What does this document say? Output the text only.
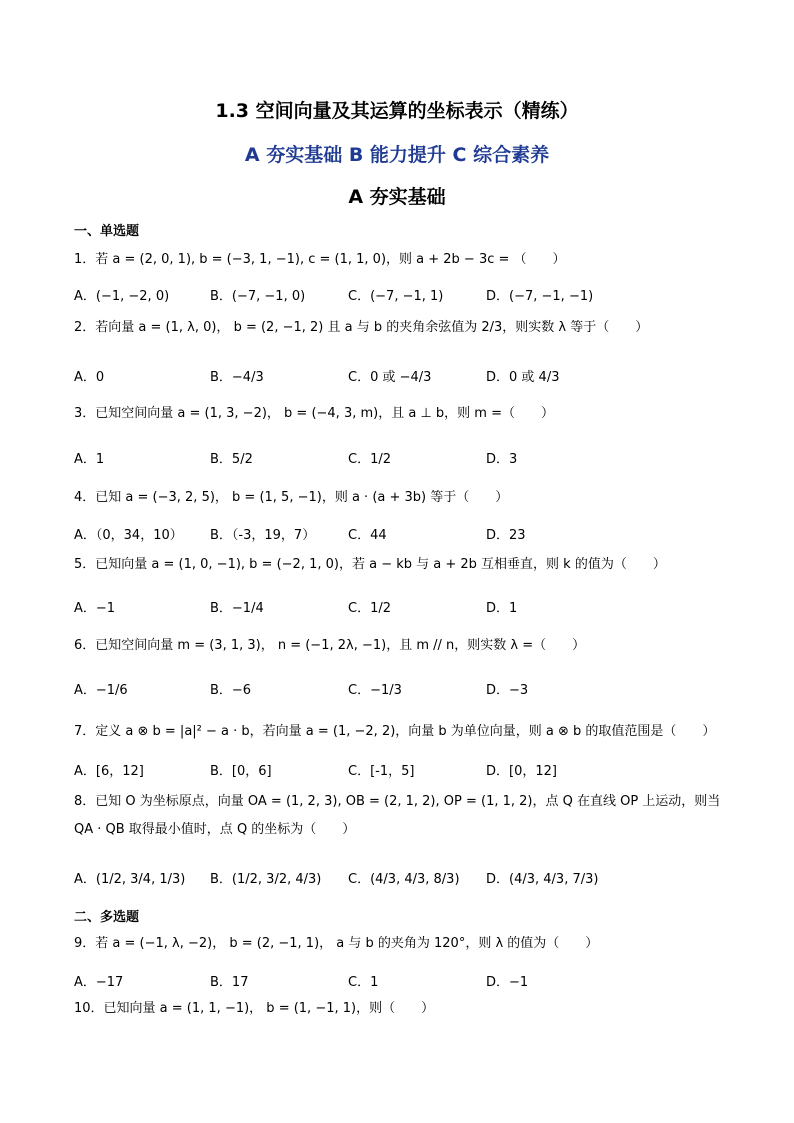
1.3 空间向量及其运算的坐标表示（精练）
A 夯实基础 B 能力提升 C 综合素养
A 夯实基础
一、单选题
1．若 a = (2, 0, 1), b = (−3, 1, −1), c = (1, 1, 0)，则 a + 2b − 3c = （　　）
A．(−1, −2, 0)	B．(−7, −1, 0)	C．(−7, −1, 1)	D．(−7, −1, −1)
2．若向量 a = (1, λ, 0)， b = (2, −1, 2) 且 a 与 b 的夹角余弦值为 2/3，则实数 λ 等于（　　）
A．0	B．−4/3	C．0 或 −4/3	D．0 或 4/3
3．已知空间向量 a = (1, 3, −2)， b = (−4, 3, m)，且 a ⊥ b，则 m =（　　）
A．1	B．5/2	C．1/2	D．3
4．已知 a = (−3, 2, 5)， b = (1, 5, −1)，则 a · (a + 3b) 等于（　　）
A．（0，34，10） B．（-3，19，7）	C．44	D．23
5．已知向量 a = (1, 0, −1), b = (−2, 1, 0)，若 a − kb 与 a + 2b 互相垂直，则 k 的值为（　　）
A．−1	B．−1/4	C．1/2	D．1
6．已知空间向量 m = (3, 1, 3)， n = (−1, 2λ, −1)，且 m // n，则实数 λ =（　　）
A．−1/6	B．−6	C．−1/3	D．−3
7．定义 a ⊗ b = |a|² − a · b，若向量 a = (1, −2, 2)，向量 b 为单位向量，则 a ⊗ b 的取值范围是（　　）
A．[6，12]	B．[0，6]	C．[-1，5]	D．[0，12]
8．已知 O 为坐标原点，向量 OA = (1, 2, 3), OB = (2, 1, 2), OP = (1, 1, 2)，点 Q 在直线 OP 上运动，则当 QA · QB 取得最小值时，点 Q 的坐标为（　　）
A．(1/2, 3/4, 1/3) B．(1/2, 3/2, 4/3) C．(4/3, 4/3, 8/3) D．(4/3, 4/3, 7/3)
二、多选题
9．若 a = (−1, λ, −2)， b = (2, −1, 1)， a 与 b 的夹角为 120°，则 λ 的值为（　　）
A．−17	B．17	C．1	D．−1
10．已知向量 a = (1, 1, −1)， b = (1, −1, 1)，则（　　）
